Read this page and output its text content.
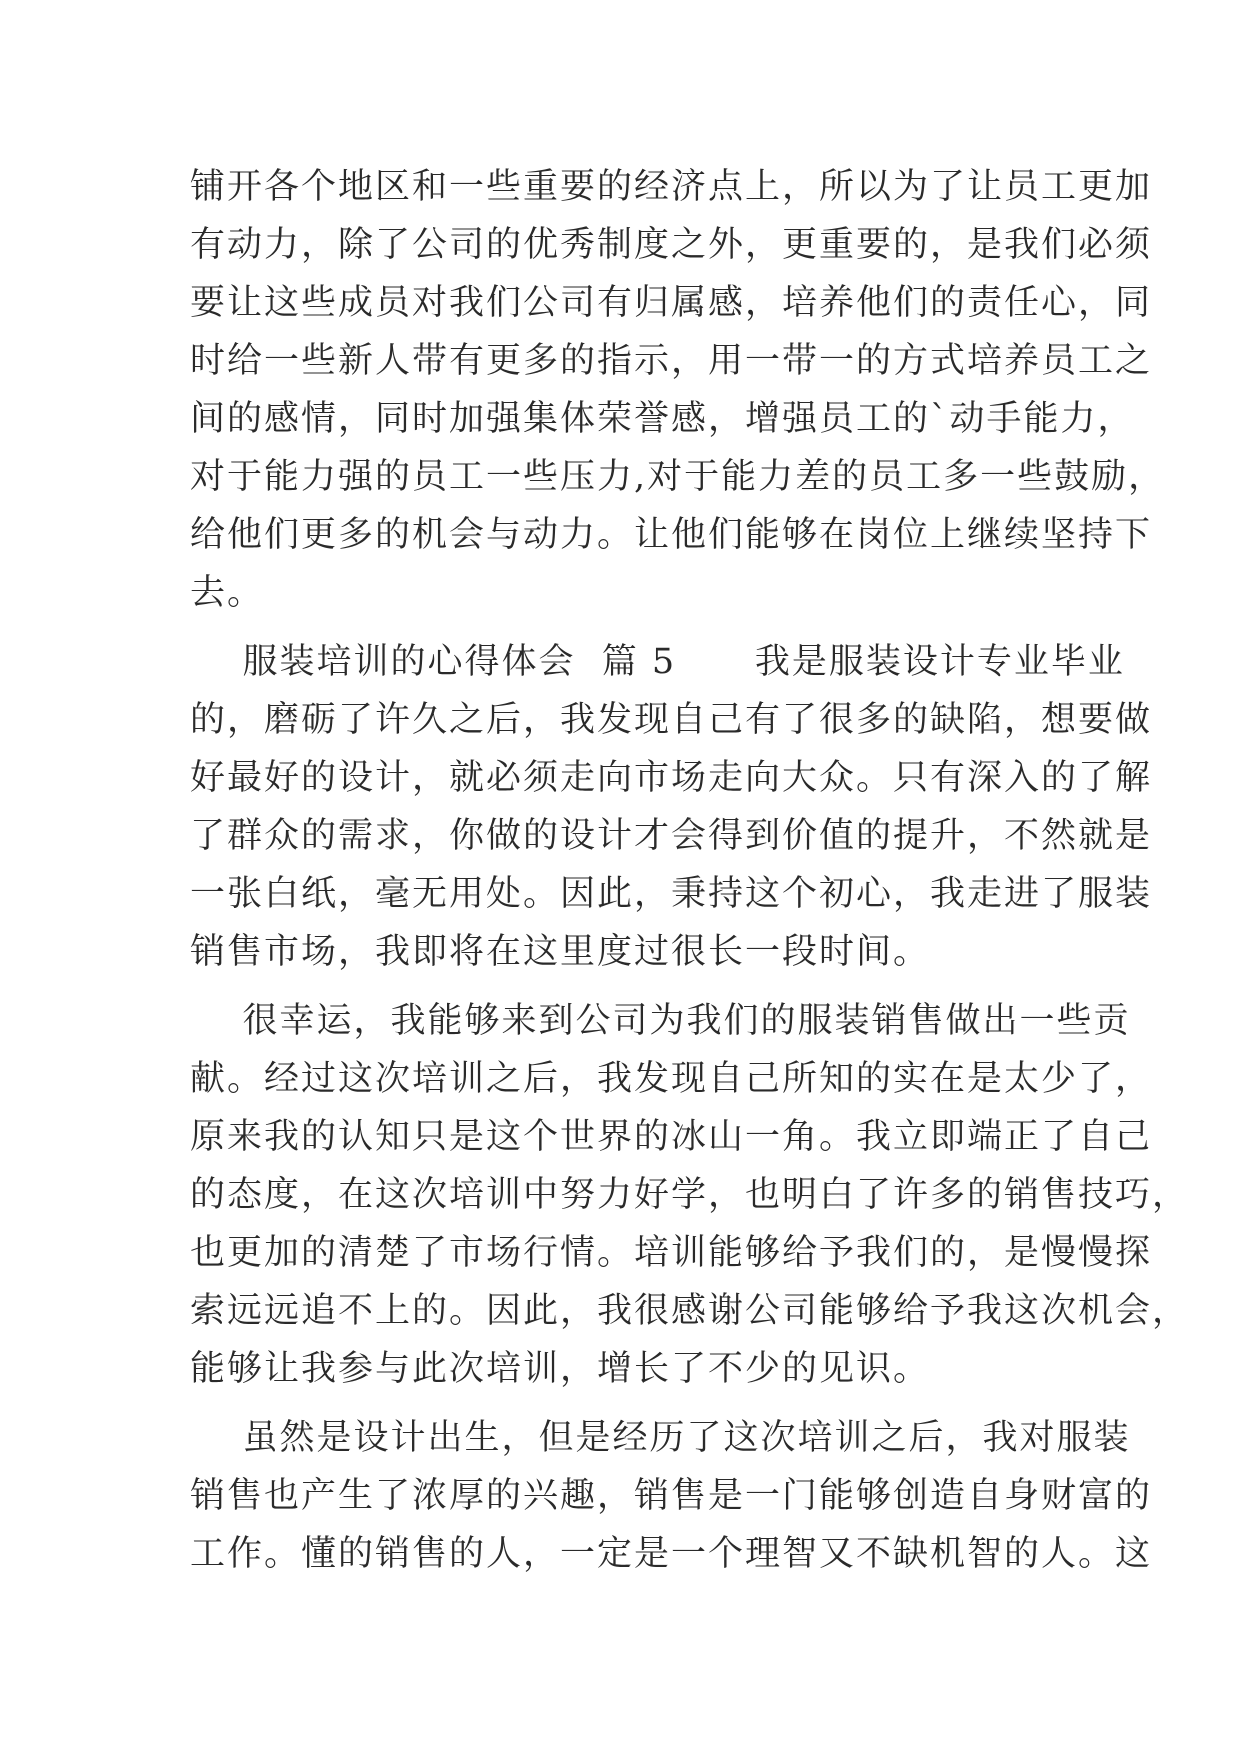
铺开各个地区和一些重要的经济点上，所以为了让员工更加
有动力，除了公司的优秀制度之外，更重要的，是我们必须
要让这些成员对我们公司有归属感，培养他们的责任心，同
时给一些新人带有更多的指示，用一带一的方式培养员工之
间的感情，同时加强集体荣誉感，增强员工的`动手能力，
对于能力强的员工一些压力,对于能力差的员工多一些鼓励，
给他们更多的机会与动力。让他们能够在岗位上继续坚持下
去。
服装培训的心得体会  篇 5      我是服装设计专业毕业
的，磨砺了许久之后，我发现自己有了很多的缺陷，想要做
好最好的设计，就必须走向市场走向大众。只有深入的了解
了群众的需求，你做的设计才会得到价值的提升，不然就是
一张白纸，毫无用处。因此，秉持这个初心，我走进了服装
销售市场，我即将在这里度过很长一段时间。
很幸运，我能够来到公司为我们的服装销售做出一些贡
献。经过这次培训之后，我发现自己所知的实在是太少了，
原来我的认知只是这个世界的冰山一角。我立即端正了自己
的态度，在这次培训中努力好学，也明白了许多的销售技巧，
也更加的清楚了市场行情。培训能够给予我们的，是慢慢探
索远远追不上的。因此，我很感谢公司能够给予我这次机会，
能够让我参与此次培训，增长了不少的见识。
虽然是设计出生，但是经历了这次培训之后，我对服装
销售也产生了浓厚的兴趣，销售是一门能够创造自身财富的
工作。懂的销售的人，一定是一个理智又不缺机智的人。这
